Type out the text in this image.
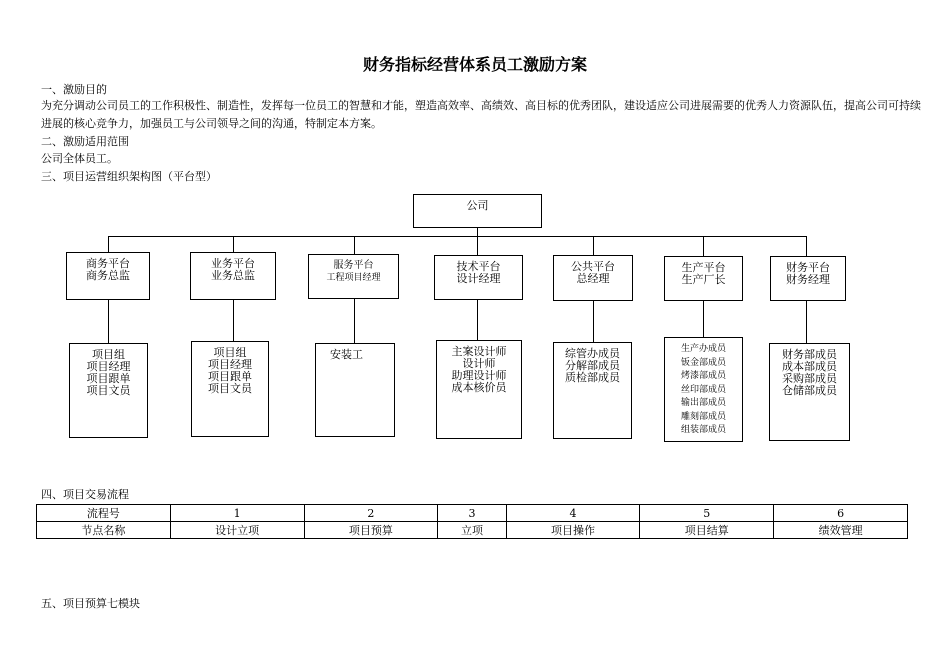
财务指标经营体系员工激励方案
一、激励目的
为充分调动公司员工的工作积极性、制造性，发挥每一位员工的智慧和才能，塑造高效率、高绩效、高目标的优秀团队，建设适应公司进展需要的优秀人力资源队伍，提高公司可持续进展的核心竞争力，加强员工与公司领导之间的沟通，特制定本方案。
二、激励适用范围
公司全体员工。
三、项目运营组织架构图（平台型）
公司
商务平台
商务总监
业务平台
业务总监
服务平台
工程项目经理
技术平台
设计经理
公共平台
总经理
生产平台
生产厂长
财务平台
财务经理
项目组
项目经理
项目跟单
项目文员
项目组
项目经理
项目跟单
项目文员
安装工	主案设计师
设计师
助理设计师
成本核价员
综管办成员
分解部成员
质检部成员
生产办成员
钣金部成员
烤漆部成员
丝印部成员
输出部成员
雕刻部成员
组装部成员
财务部成员
成本部成员
采购部成员
仓储部成员
四、项目交易流程
流程号	1	2	3	4	5	6
节点名称	设计立项	项目预算	立项	项目操作	项目结算	绩效管理
五、项目预算七模块
